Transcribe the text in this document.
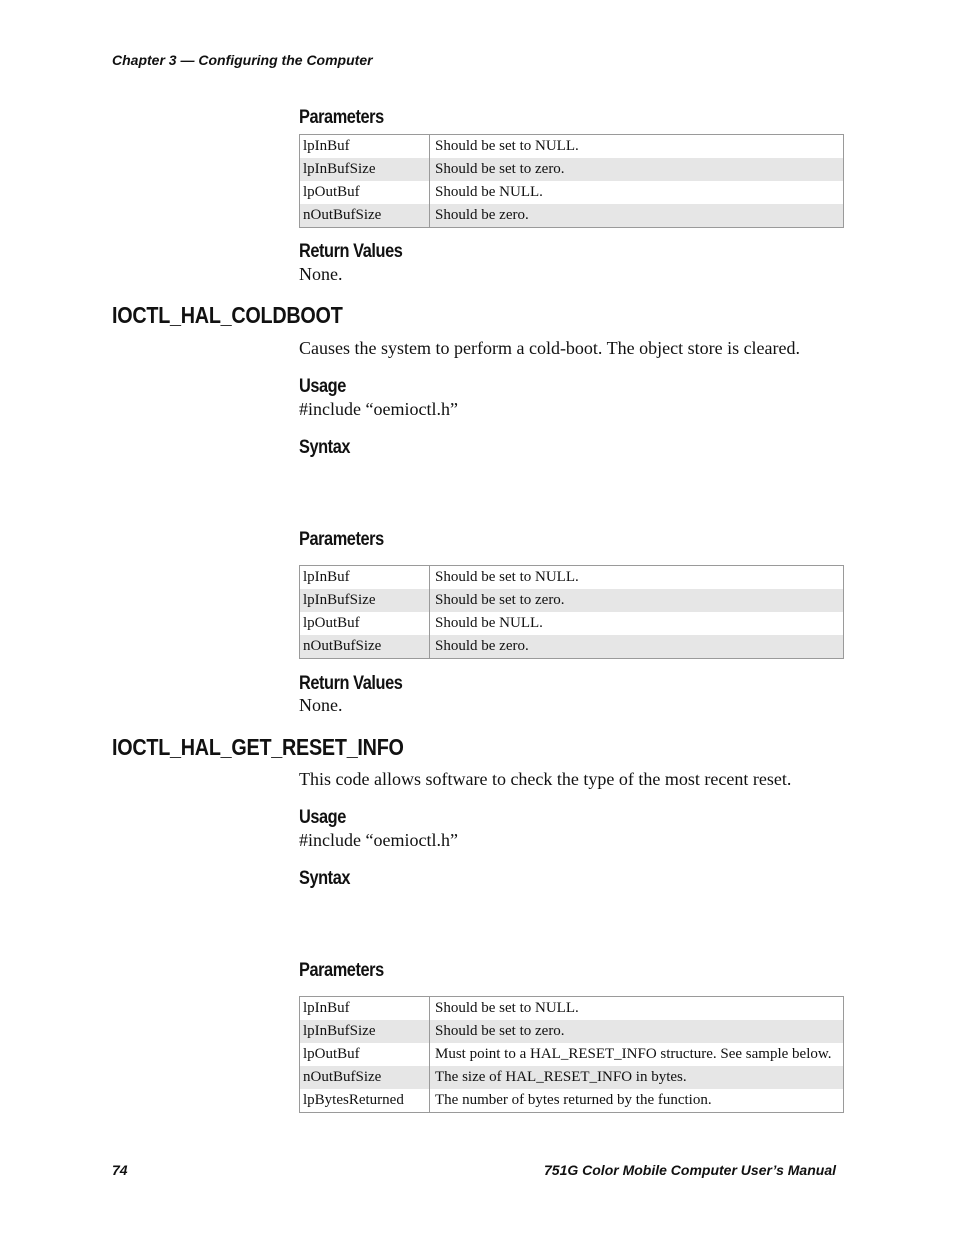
Chapter 3 — Configuring the Computer
Parameters
lpInBuf	Should be set to NULL.
lpInBufSize	Should be set to zero.
lpOutBuf	Should be NULL.
nOutBufSize	Should be zero.
Return Values
None.
IOCTL_HAL_COLDBOOT
Causes the system to perform a cold-boot. The object store is cleared.
Usage
#include “oemioctl.h”
Syntax
Parameters
lpInBuf	Should be set to NULL.
lpInBufSize	Should be set to zero.
lpOutBuf	Should be NULL.
nOutBufSize	Should be zero.
Return Values
None.
IOCTL_HAL_GET_RESET_INFO
This code allows software to check the type of the most recent reset.
Usage
#include “oemioctl.h”
Syntax
Parameters
lpInBuf	Should be set to NULL.
lpInBufSize	Should be set to zero.
lpOutBuf	Must point to a HAL_RESET_INFO structure. See sample below.
nOutBufSize	The size of HAL_RESET_INFO in bytes.
lpBytesReturned	The number of bytes returned by the function.
74	751G Color Mobile Computer User’s Manual
